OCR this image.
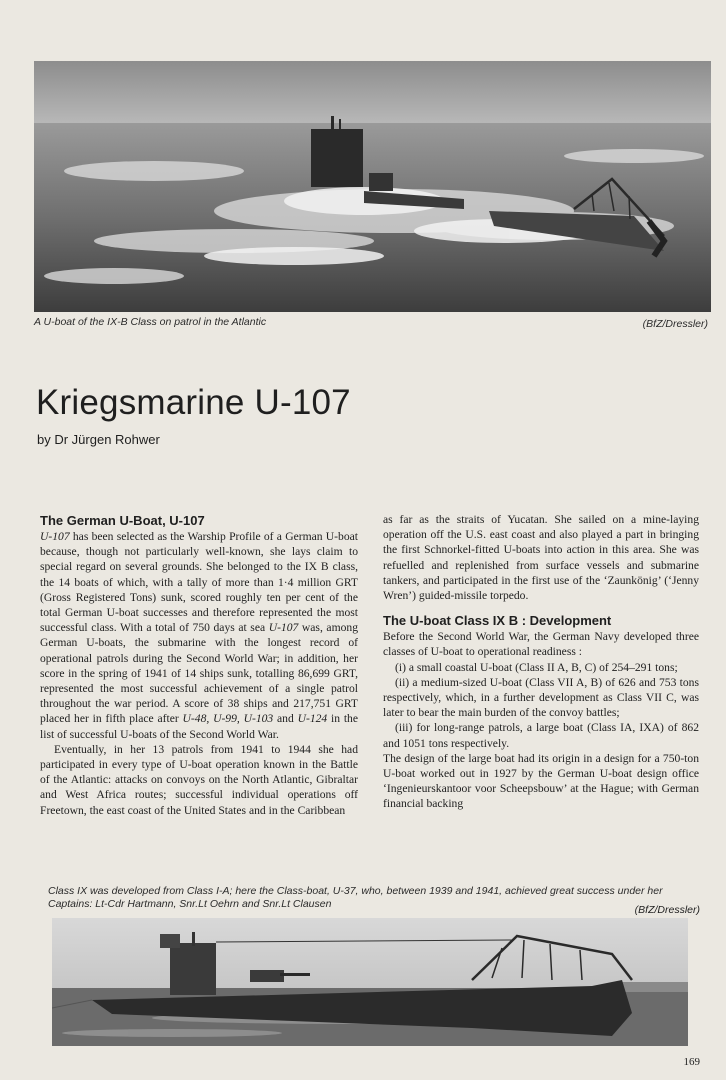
A U-boat of the IX-B Class on patrol in the Atlantic	(BfZ/Dressler)
Kriegsmarine U-107
by Dr Jürgen Rohwer
The German U-Boat, U-107

U-107 has been selected as the Warship Profile of a German U-boat because, though not particularly well-known, she lays claim to special regard on several grounds. She belonged to the IX B class, the 14 boats of which, with a tally of more than 1·4 million GRT (Gross Registered Tons) sunk, scored roughly ten per cent of the total German U-boat successes and therefore represented the most successful class. With a total of 750 days at sea U-107 was, among German U-boats, the submarine with the longest record of operational patrols during the Second World War; in addition, her score in the spring of 1941 of 14 ships sunk, totalling 86,699 GRT, represented the most successful achievement of a single patrol throughout the war period. A score of 38 ships and 217,751 GRT placed her in fifth place after U-48, U-99, U-103 and U-124 in the list of successful U-boats of the Second World War.

Eventually, in her 13 patrols from 1941 to 1944 she had participated in every type of U-boat operation known in the Battle of the Atlantic: attacks on convoys on the North Atlantic, Gibraltar and West Africa routes; successful individual operations off Freetown, the east coast of the United States and in the Caribbean

as far as the straits of Yucatan. She sailed on a mine-laying operation off the U.S. east coast and also played a part in bringing the first Schnorkel-fitted U-boats into action in this area. She was refuelled and replenished from surface vessels and submarine tankers, and participated in the first use of the ‘Zaunkönig’ (‘Jenny Wren’) guided-missile torpedo.

The U-boat Class IX B : Development

Before the Second World War, the German Navy developed three classes of U-boat to operational readiness :

(i) a small coastal U-boat (Class II A, B, C) of 254–291 tons;

(ii) a medium-sized U-boat (Class VII A, B) of 626 and 753 tons respectively, which, in a further development as Class VII C, was later to bear the main burden of the convoy battles;

(iii) for long-range patrols, a large boat (Class IA, IXA) of 862 and 1051 tons respectively.

The design of the large boat had its origin in a design for a 750-ton U-boat worked out in 1927 by the German U-boat design office ‘Ingenieurskantoor voor Scheepsbouw’ at the Hague; with German financial backing

Class IX was developed from Class I-A; here the Class-boat, U-37, who, between 1939 and 1941, achieved great success under her Captains: Lt-Cdr Hartmann, Snr.Lt Oehrn and Snr.Lt Clausen
(BfZ/Dressler)
169
